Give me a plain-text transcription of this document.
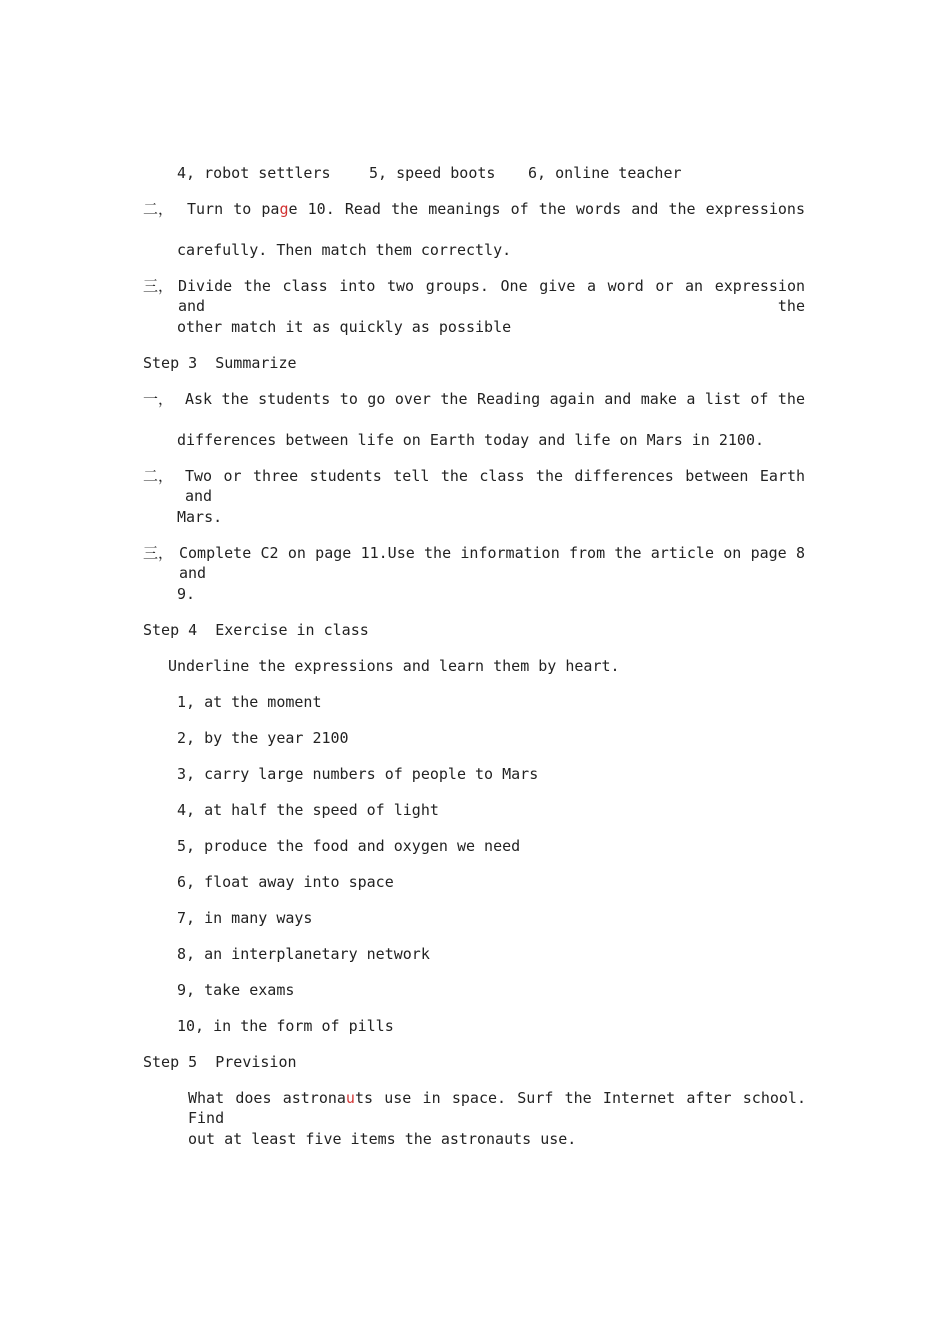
4, robot settlers	5, speed boots 6, online teacher
二， Turn to page 10. Read the meanings of the words and the expressions
carefully. Then match them correctly.
三， Divide the class into two groups. One give a word or an expression and the
other match it as quickly as possible
Step 3  Summarize
一， Ask the students to go over the Reading again and make a list of the
differences between life on Earth today and life on Mars in 2100.
二， Two or three students tell the class the differences between Earth and
Mars.
三， Complete C2 on page 11.Use the information from the article on page 8 and
9.
Step 4  Exercise in class
Underline the expressions and learn them by heart.
1, at the moment
2, by the year 2100
3, carry large numbers of people to Mars
4, at half the speed of light
5, produce the food and oxygen we need
6, float away into space
7, in many ways
8, an interplanetary network
9, take exams
10, in the form of pills
Step 5  Prevision
What does astronauts use in space. Surf the Internet after school. Find
out at least five items the astronauts use.
